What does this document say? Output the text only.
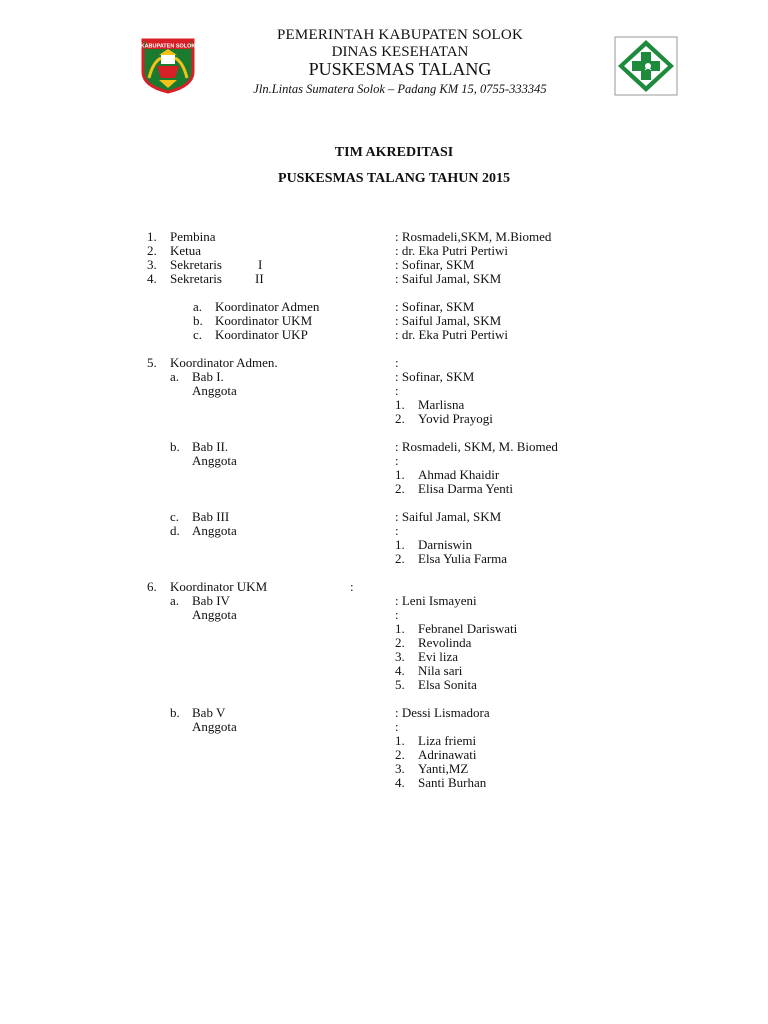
KABUPATEN SOLOK
PEMERINTAH KABUPATEN SOLOK
DINAS KESEHATAN
PUSKESMAS TALANG
Jln.Lintas Sumatera Solok – Padang KM 15, 0755-333345
TIM AKREDITASI
PUSKESMAS TALANG TAHUN 2015
1. Pembina	: Rosmadeli,SKM, M.Biomed
2. Ketua	: dr. Eka Putri Pertiwi
3. Sekretaris	I	: Sofinar, SKM
4. Sekretaris	II	: Saiful Jamal, SKM
a. Koordinator Admen	: Sofinar, SKM
b. Koordinator UKM	: Saiful Jamal, SKM
c. Koordinator UKP	: dr. Eka Putri Pertiwi
5. Koordinator Admen.	:
a. Bab I.	: Sofinar, SKM
Anggota	:
1. Marlisna
2. Yovid Prayogi
b. Bab II.	: Rosmadeli, SKM, M. Biomed
Anggota	:
1. Ahmad Khaidir
2. Elisa Darma Yenti
c. Bab III	: Saiful Jamal, SKM
d. Anggota	:
1. Darniswin
2. Elsa Yulia Farma
6. Koordinator UKM	:
a. Bab IV	: Leni Ismayeni
Anggota	:
1. Febranel Dariswati
2. Revolinda
3. Evi liza
4. Nila sari
5. Elsa Sonita
b. Bab V	: Dessi Lismadora
Anggota	:
1. Liza friemi
2. Adrinawati
3. Yanti,MZ
4. Santi Burhan
